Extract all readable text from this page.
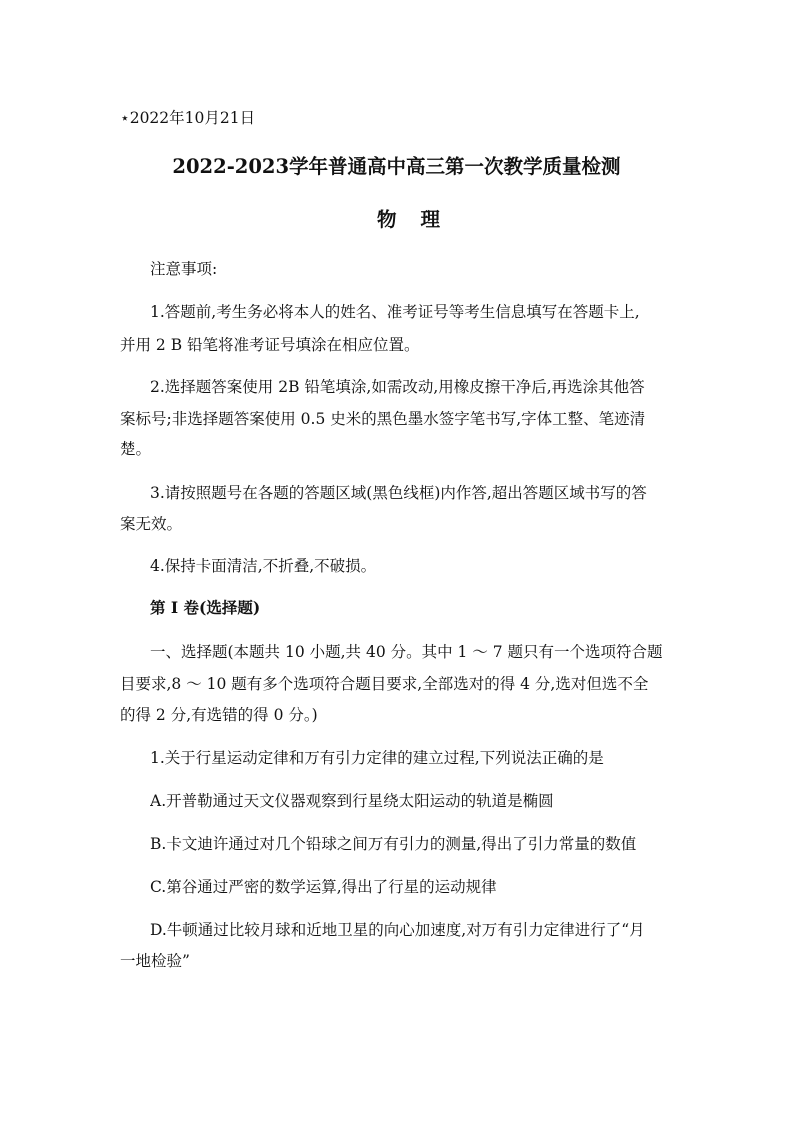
⋆2022年10月21日

2022-2023学年普通高中高三第一次教学质量检测

物理

注意事项:

1.答题前,考生务必将本人的姓名、准考证号等考生信息填写在答题卡上,

并用 2 B 铅笔将准考证号填涂在相应位置。

2.选择题答案使用 2B 铅笔填涂,如需改动,用橡皮擦干净后,再选涂其他答

案标号;非选择题答案使用 0.5 史米的黑色墨水签字笔书写,字体工整、笔迹清

楚。

3.请按照题号在各题的答题区域(黑色线框)内作答,超出答题区域书写的答

案无效。

4.保持卡面清洁,不折叠,不破损。

第 I 卷(选择题)

一、选择题(本题共 10 小题,共 40 分。其中 1 ～ 7 题只有一个选项符合题

目要求,8 ～ 10 题有多个选项符合题目要求,全部选对的得 4 分,选对但选不全

的得 2 分,有选错的得 0 分。)

1.关于行星运动定律和万有引力定律的建立过程,下列说法正确的是

A.开普勒通过天文仪器观察到行星绕太阳运动的轨道是椭圆

B.卡文迪许通过对几个铅球之间万有引力的测量,得出了引力常量的数值

C.第谷通过严密的数学运算,得出了行星的运动规律

D.牛顿通过比较月球和近地卫星的向心加速度,对万有引力定律进行了“月

一地检验”
